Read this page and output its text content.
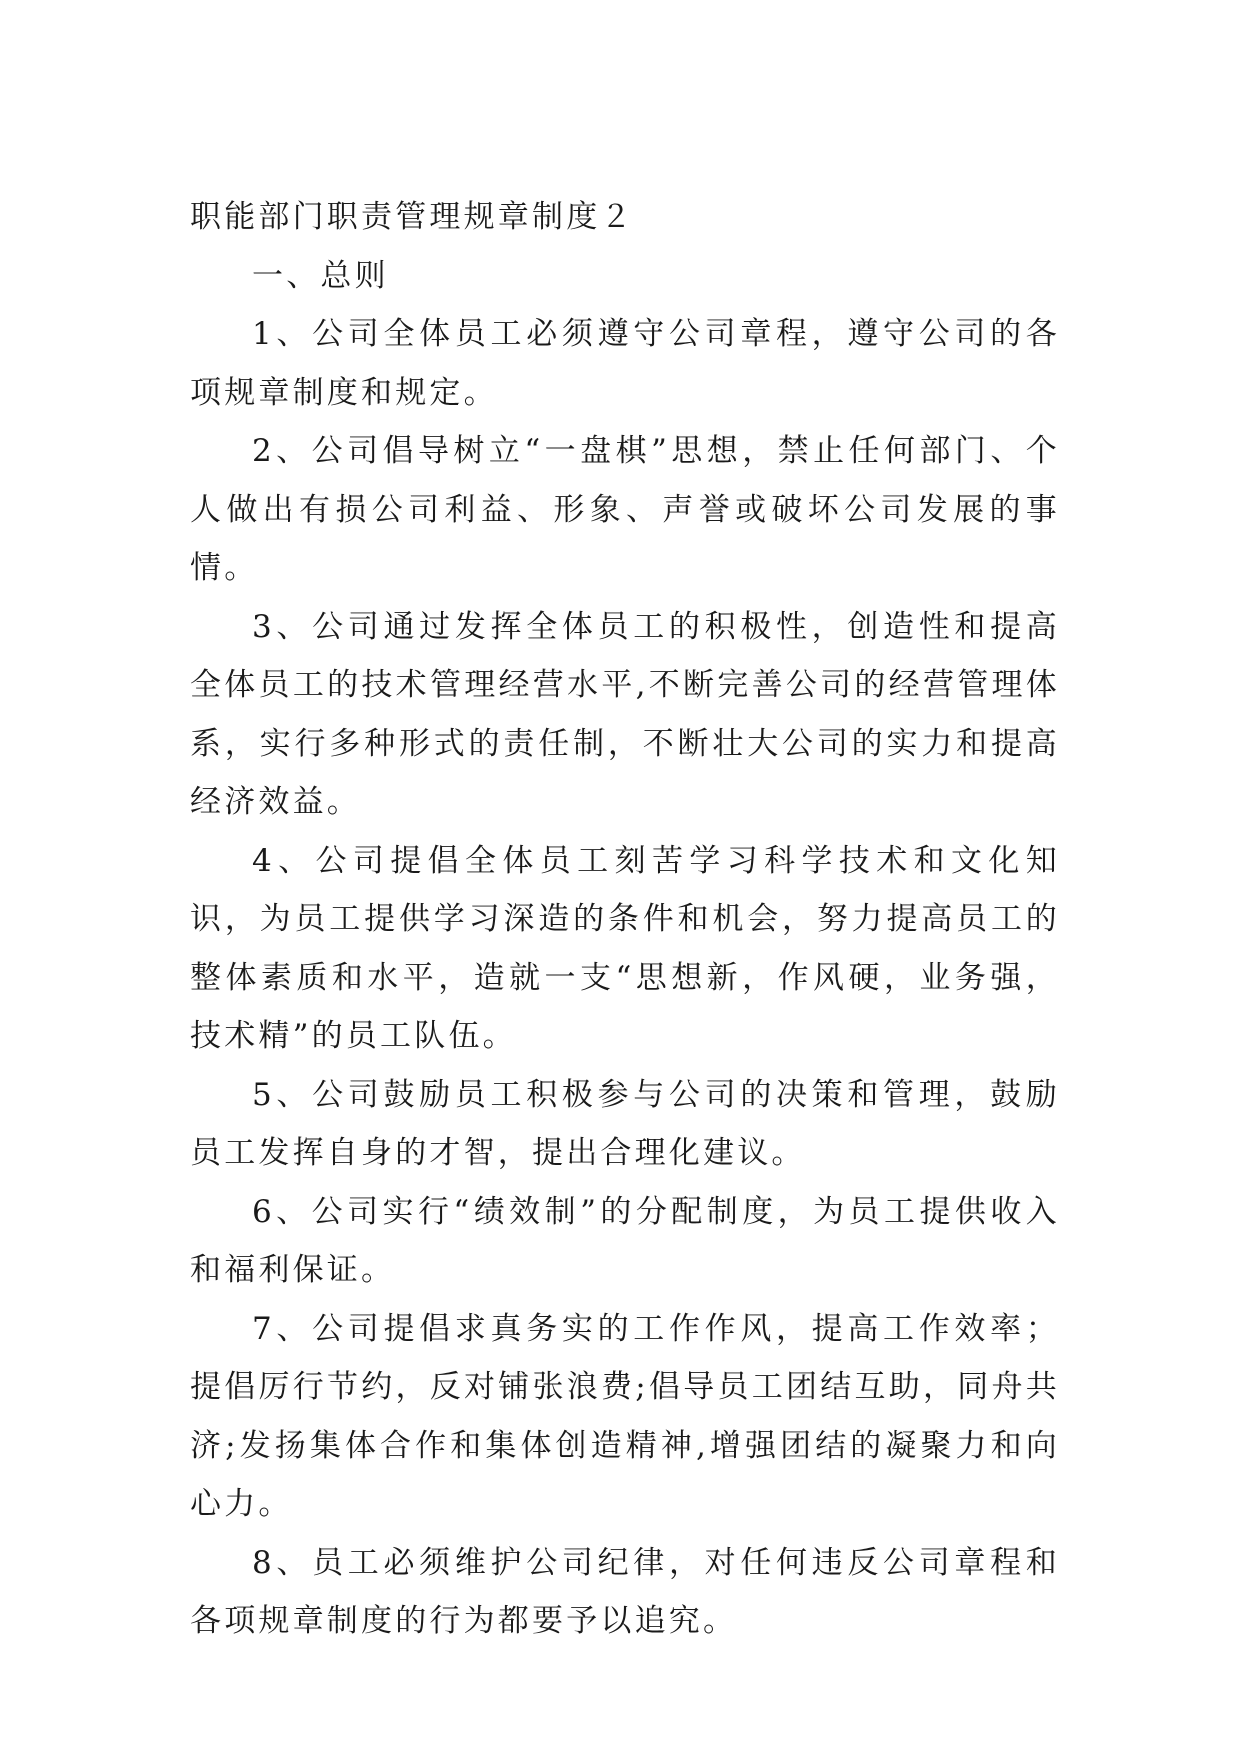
职能部门职责管理规章制度２

一、总则

1、公司全体员工必须遵守公司章程，遵守公司的各项规章制度和规定。

2、公司倡导树立“一盘棋”思想，禁止任何部门、个人做出有损公司利益、形象、声誉或破坏公司发展的事情。

3、公司通过发挥全体员工的积极性，创造性和提高全体员工的技术管理经营水平,不断完善公司的经营管理体系，实行多种形式的责任制，不断壮大公司的实力和提高经济效益。

4、公司提倡全体员工刻苦学习科学技术和文化知识，为员工提供学习深造的条件和机会，努力提高员工的整体素质和水平，造就一支“思想新，作风硬，业务强，技术精”的员工队伍。

5、公司鼓励员工积极参与公司的决策和管理，鼓励员工发挥自身的才智，提出合理化建议。

6、公司实行“绩效制”的分配制度，为员工提供收入和福利保证。

7、公司提倡求真务实的工作作风，提高工作效率；提倡厉行节约，反对铺张浪费;倡导员工团结互助，同舟共济;发扬集体合作和集体创造精神,增强团结的凝聚力和向心力。

8、员工必须维护公司纪律，对任何违反公司章程和各项规章制度的行为都要予以追究。
